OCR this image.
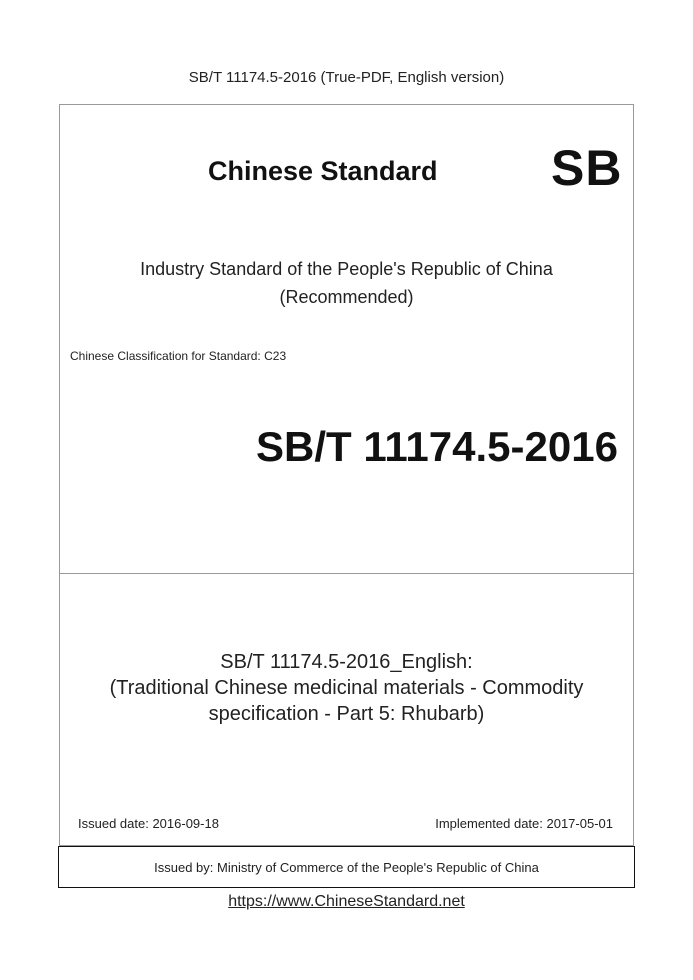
SB/T 11174.5-2016 (True-PDF, English version)
Chinese Standard SB
Industry Standard of the People's Republic of China
(Recommended)
Chinese Classification for Standard: C23
SB/T 11174.5-2016
SB/T 11174.5-2016_English:
(Traditional Chinese medicinal materials - Commodity
specification - Part 5: Rhubarb)
Issued date: 2016-09-18	Implemented date: 2017-05-01
Issued by: Ministry of Commerce of the People's Republic of China
https://www.ChineseStandard.net
